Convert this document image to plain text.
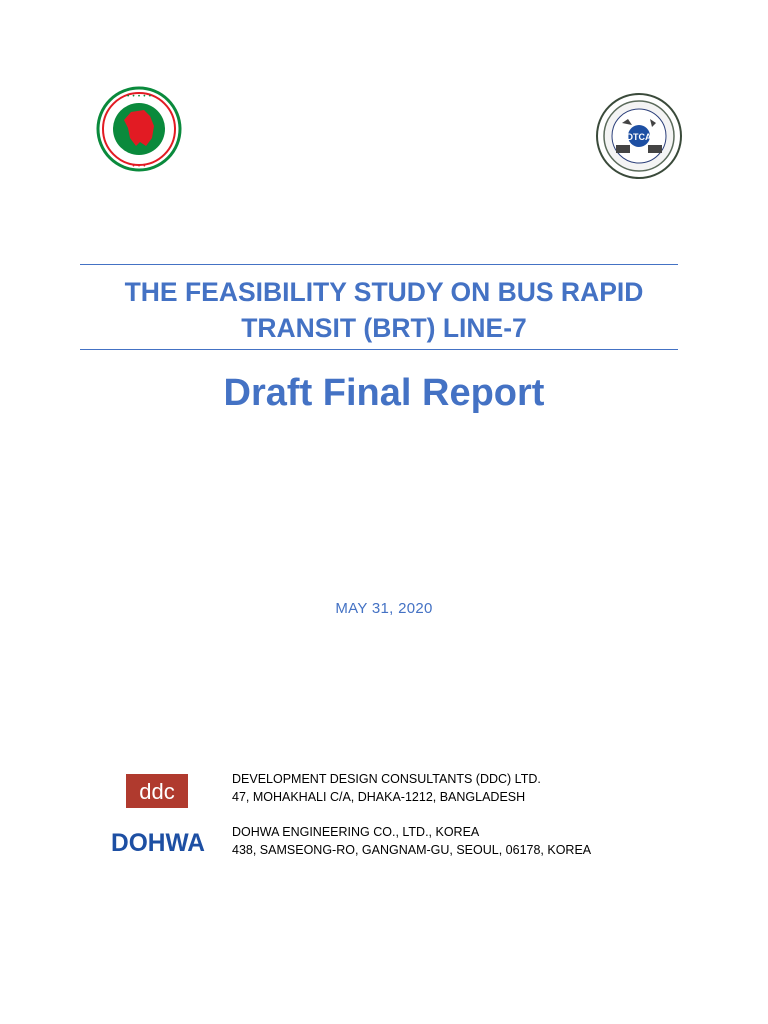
• • • • •
• • •
DTCA
THE FEASIBILITY STUDY ON BUS RAPID
TRANSIT (BRT) LINE-7
Draft Final Report
MAY 31, 2020
ddc	DEVELOPMENT DESIGN CONSULTANTS (DDC) LTD.
47, MOHAKHALI C/A, DHAKA-1212, BANGLADESH
DOHWA DOHWA ENGINEERING CO., LTD., KOREA
438, SAMSEONG-RO, GANGNAM-GU, SEOUL, 06178, KOREA
